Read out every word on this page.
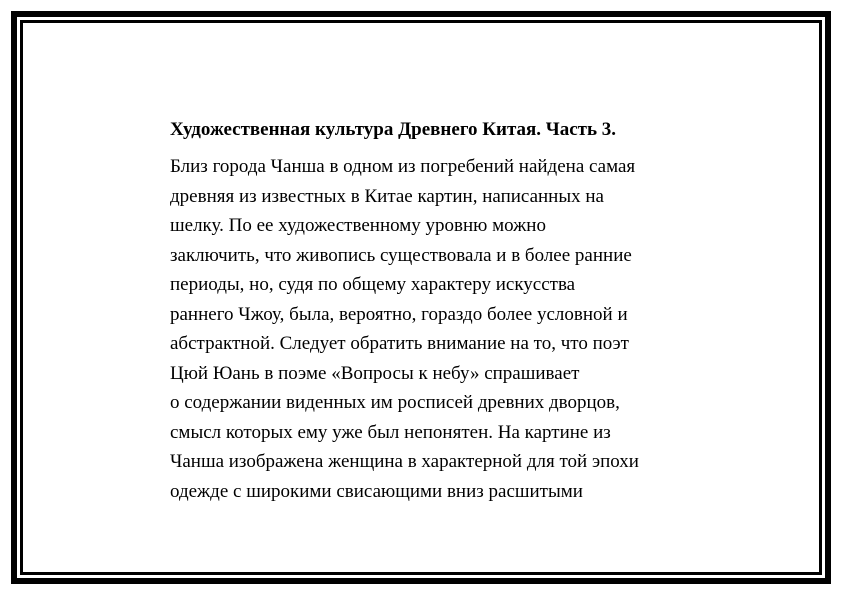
Художественная культура Древнего Китая. Часть 3.
Близ города Чанша в одном из погребений найдена самая
древняя из известных в Китае картин, написанных на
шелку. По ее художественному уровню можно
заключить, что живопись существовала и в более ранние
периоды, но, судя по общему характеру искусства
раннего Чжоу, была, вероятно, гораздо более условной и
абстрактной. Следует обратить внимание на то, что поэт
Цюй Юань в поэме «Вопросы к небу» спрашивает
о содержании виденных им росписей древних дворцов,
смысл которых ему уже был непонятен. На картине из
Чанша изображена женщина в характерной для той эпохи
одежде с широкими свисающими вниз расшитыми
